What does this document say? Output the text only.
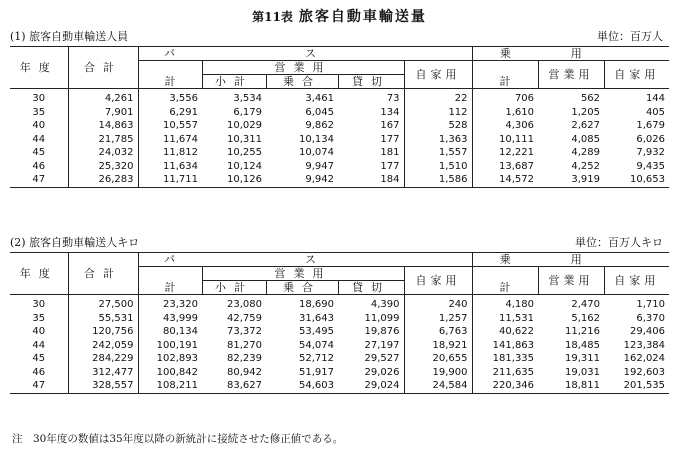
第11表 旅客自動車輸送量
(1) 旅客自動車輸送人員	単位：百万人
年度	合計	バス					乗用		
		計	営業用			自家用	計	営業用	自家用
			小計	乗合	貸切				
30	4,261	3,556	3,534	3,461	73	22	706	562	144
35	7,901	6,291	6,179	6,045	134	112	1,610	1,205	405
40	14,863	10,557	10,029	9,862	167	528	4,306	2,627	1,679
44	21,785	11,674	10,311	10,134	177	1,363	10,111	4,085	6,026
45	24,032	11,812	10,255	10,074	181	1,557	12,221	4,289	7,932
46	25,320	11,634	10,124	9,947	177	1,510	13,687	4,252	9,435
47	26,283	11,711	10,126	9,942	184	1,586	14,572	3,919	10,653
(2) 旅客自動車輸送人キロ	単位：百万人キロ
年度	合計	バス					乗用		
		計	営業用			自家用	計	営業用	自家用
			小計	乗合	貸切				
30	27,500	23,320	23,080	18,690	4,390	240	4,180	2,470	1,710
35	55,531	43,999	42,759	31,643	11,099	1,257	11,531	5,162	6,370
40	120,756	80,134	73,372	53,495	19,876	6,763	40,622	11,216	29,406
44	242,059	100,191	81,270	54,074	27,197	18,921	141,863	18,485	123,384
45	284,229	102,893	82,239	52,712	29,527	20,655	181,335	19,311	162,024
46	312,477	100,842	80,942	51,917	29,026	19,900	211,635	19,031	192,603
47	328,557	108,211	83,627	54,603	29,024	24,584	220,346	18,811	201,535
注　30年度の数値は35年度以降の新統計に接続させた修正値である。
